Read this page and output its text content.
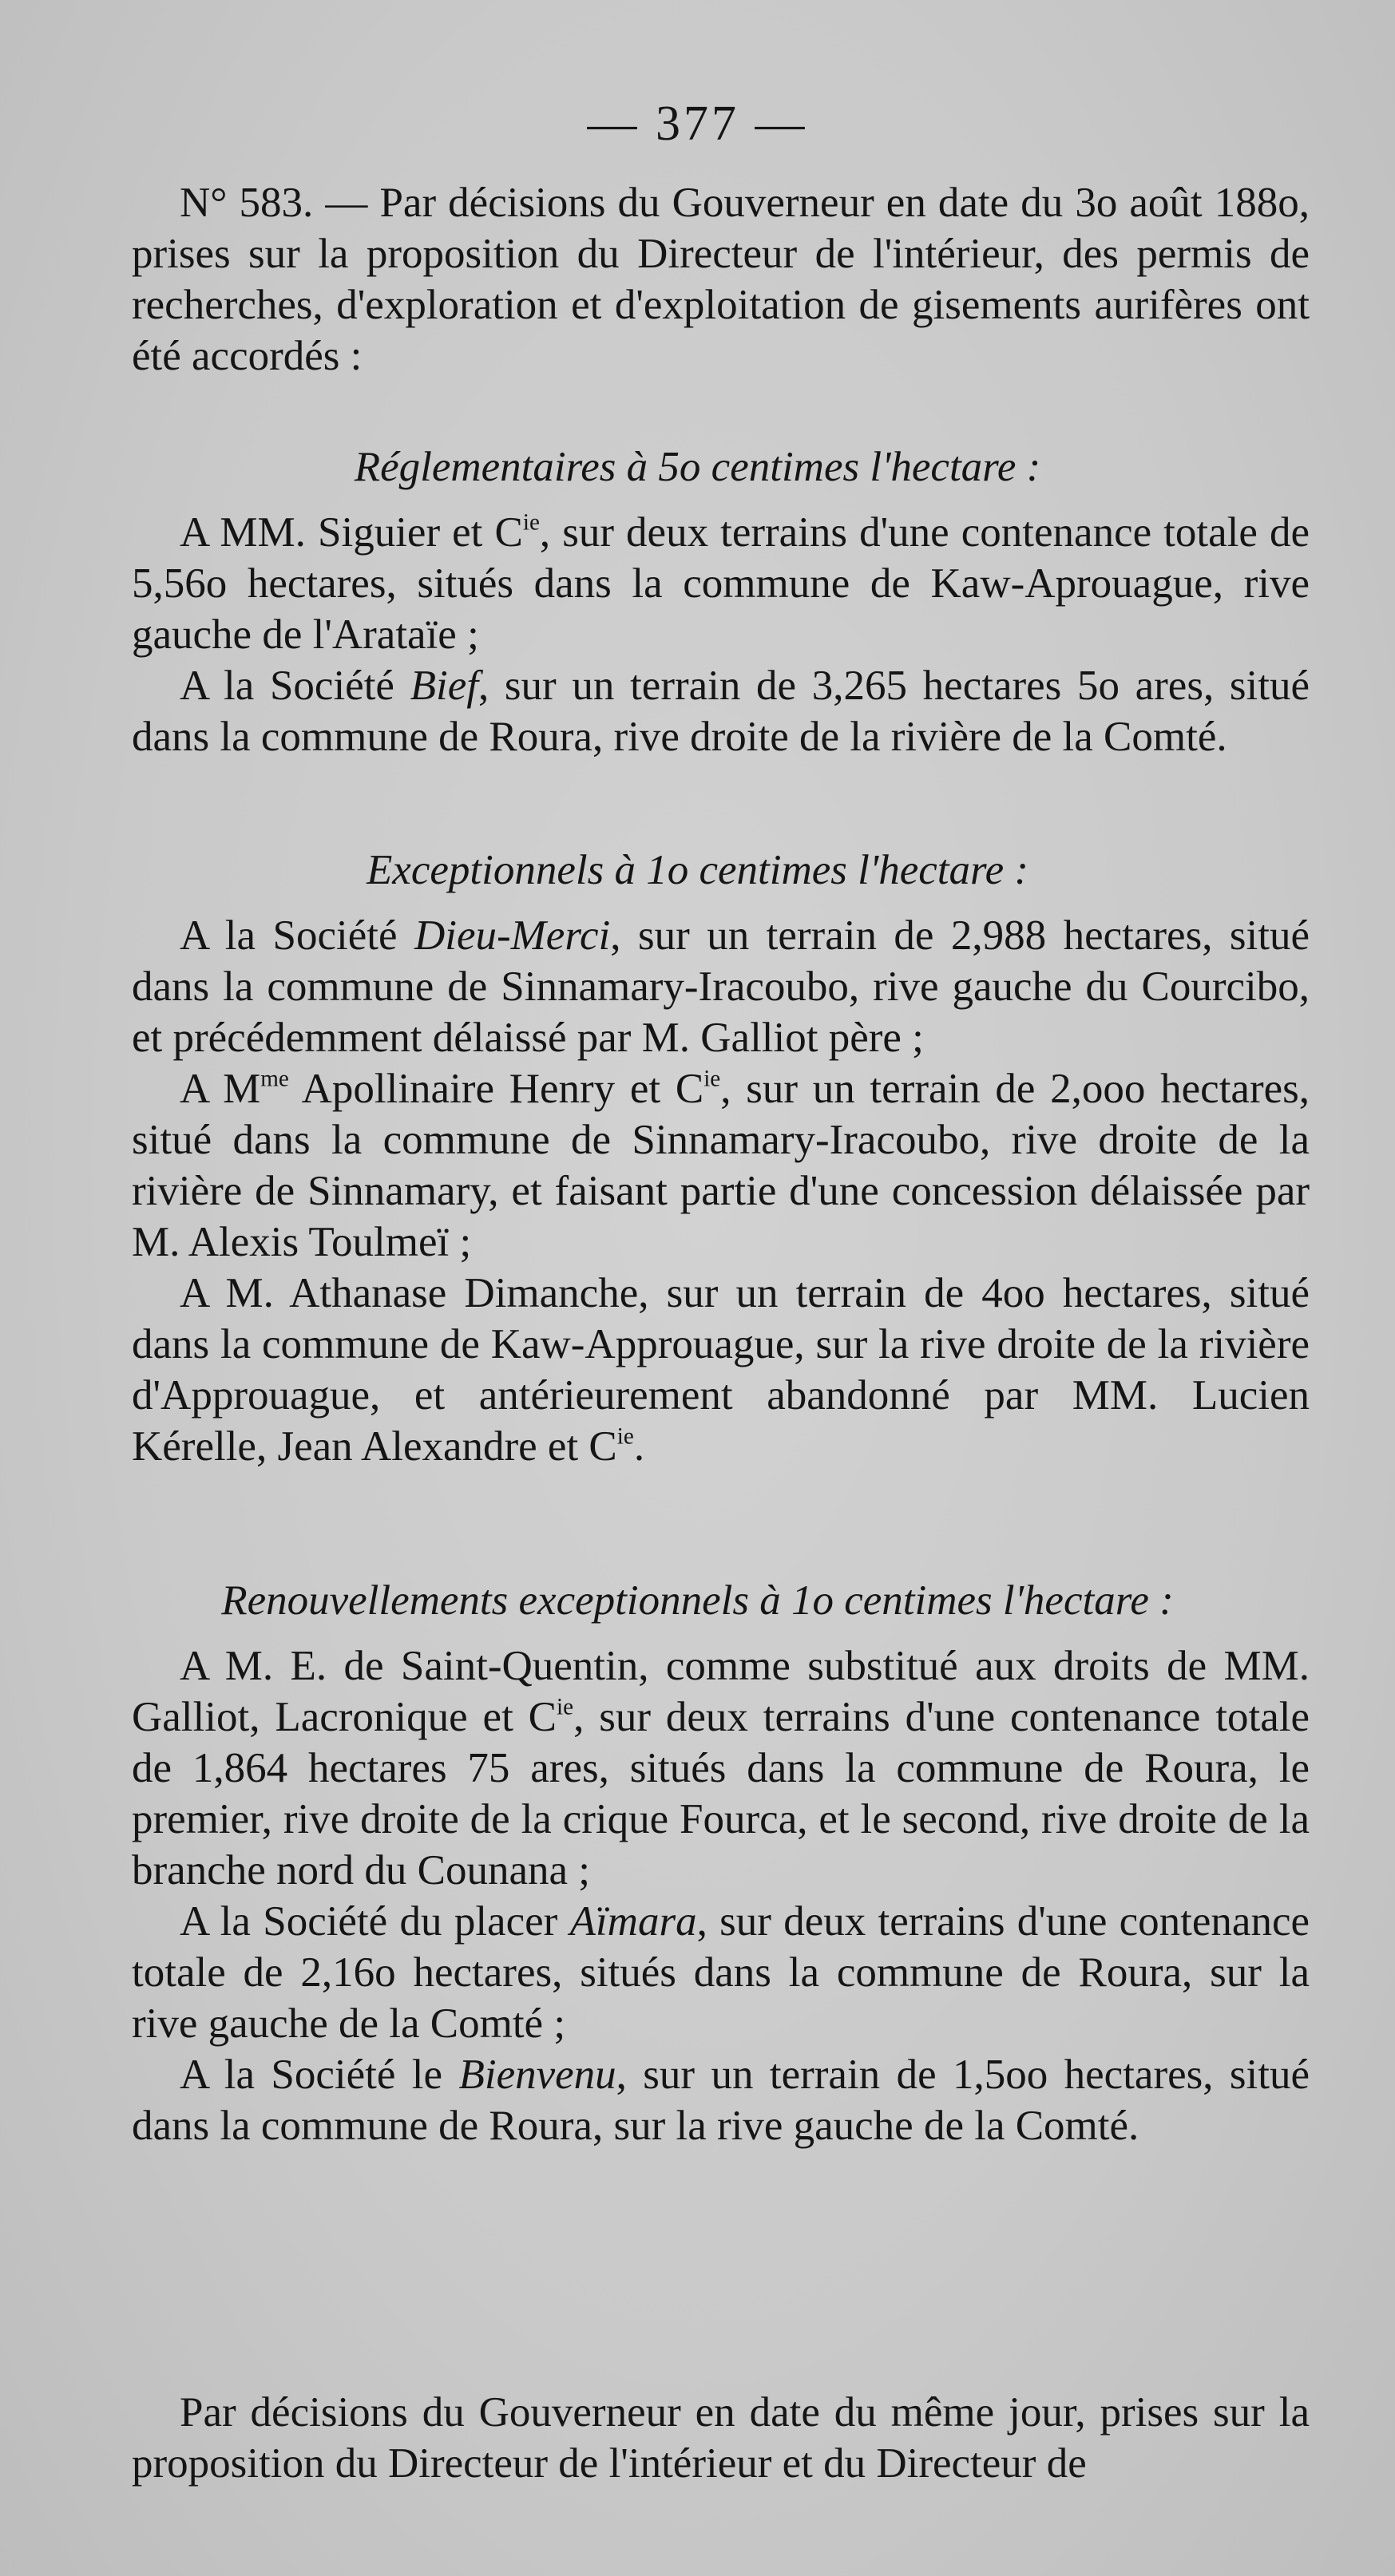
— 377 —

N° 583. — Par décisions du Gouverneur en date du 3o août 188o, prises sur la proposition du Directeur de l'intérieur, des permis de recherches, d'exploration et d'exploitation de gisements aurifères ont été accordés :

Réglementaires à 5o centimes l'hectare :

A MM. Siguier et $C^{ie}$, sur deux terrains d'une contenance totale de 5,56o hectares, situés dans la commune de Kaw-Aprouague, rive gauche de l'Arataïe ;

A la Société Bief, sur un terrain de 3,265 hectares 5o ares, situé dans la commune de Roura, rive droite de la rivière de la Comté.

Exceptionnels à 1o centimes l'hectare :

A la Société Dieu-Merci, sur un terrain de 2,988 hectares, situé dans la commune de Sinnamary-Iracoubo, rive gauche du Courcibo, et précédemment délaissé par M. Galliot père ;

A $M^{me}$ Apollinaire Henry et $C^{ie}$, sur un terrain de 2,ooo hectares, situé dans la commune de Sinnamary-Iracoubo, rive droite de la rivière de Sinnamary, et faisant partie d'une concession délaissée par M. Alexis Toulmeï ;

A M. Athanase Dimanche, sur un terrain de 4oo hectares, situé dans la commune de Kaw-Approuague, sur la rive droite de la rivière d'Approuague, et antérieurement abandonné par MM. Lucien Kérelle, Jean Alexandre et $C^{ie}$.

Renouvellements exceptionnels à 1o centimes l'hectare :

A M. E. de Saint-Quentin, comme substitué aux droits de MM. Galliot, Lacronique et $C^{ie}$, sur deux terrains d'une contenance totale de 1,864 hectares 75 ares, situés dans la commune de Roura, le premier, rive droite de la crique Fourca, et le second, rive droite de la branche nord du Counana ;

A la Société du placer Aïmara, sur deux terrains d'une contenance totale de 2,16o hectares, situés dans la commune de Roura, sur la rive gauche de la Comté ;

A la Société le Bienvenu, sur un terrain de 1,5oo hectares, situé dans la commune de Roura, sur la rive gauche de la Comté.

Par décisions du Gouverneur en date du même jour, prises sur la proposition du Directeur de l'intérieur et du Directeur de
